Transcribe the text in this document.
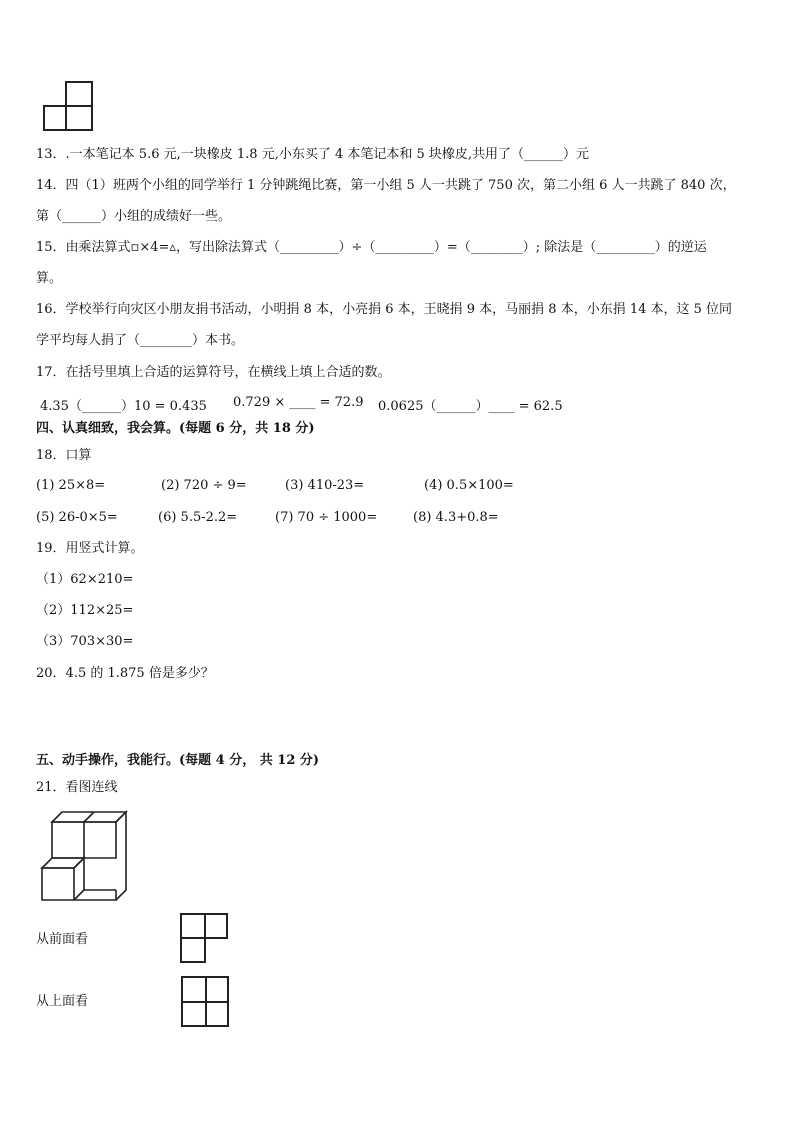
13．.一本笔记本 5.6 元,一块橡皮 1.8 元,小东买了 4 本笔记本和 5 块橡皮,共用了（______）元
14．四（1）班两个小组的同学举行 1 分钟跳绳比赛，第一小组 5 人一共跳了 750 次，第二小组 6 人一共跳了 840 次，
第（______）小组的成绩好一些。
15．由乘法算式▫×4=▵，写出除法算式（_________）÷（_________）=（________）; 除法是（_________）的逆运
算。
16．学校举行向灾区小朋友捐书活动，小明捐 8 本，小亮捐 6 本，王晓捐 9 本，马丽捐 8 本，小东捐 14 本，这 5 位同
学平均每人捐了（________）本书。
17．在括号里填上合适的运算符号，在横线上填上合适的数。
4.35（______）10 = 0.435 0.729 × ____ = 72.9 0.0625（______）____ = 62.5
四、认真细致，我会算。(每题 6 分，共 18 分)
18．口算
(1) 25×8=	(2) 720 ÷ 9=	(3) 410-23=	(4) 0.5×100=
(5) 26-0×5=	(6) 5.5-2.2=	(7) 70 ÷ 1000=	(8) 4.3+0.8=
19．用竖式计算。
（1）62×210=
（2）112×25=
（3）703×30=
20．4.5 的 1.875 倍是多少？
五、动手操作，我能行。(每题 4 分， 共 12 分)
21．看图连线
从前面看
从上面看
